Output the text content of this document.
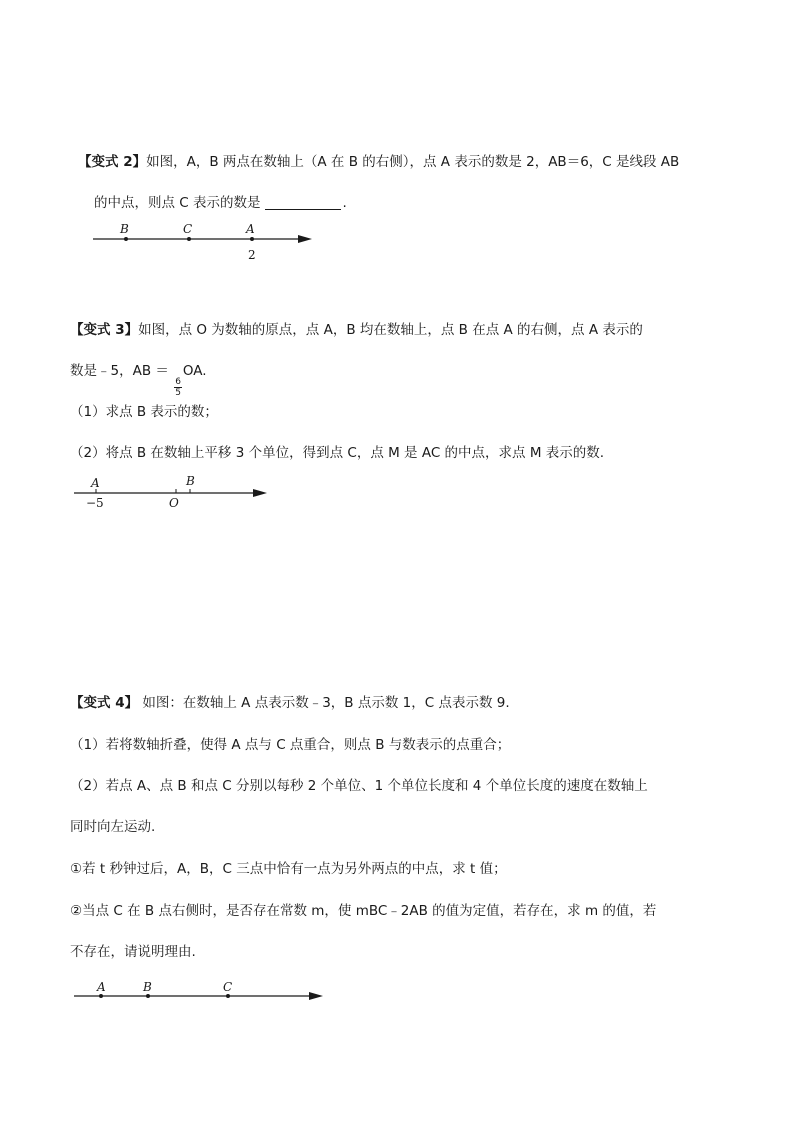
【变式 2】如图，A，B 两点在数轴上（A 在 B 的右侧），点 A 表示的数是 2，AB＝6，C 是线段 AB
的中点，则点 C 表示的数是	.
B	C	A
2
【变式 3】如图，点 O 为数轴的原点，点 A，B 均在数轴上，点 B 在点 A 的右侧，点 A 表示的
数是﹣5，AB ＝
$\frac{6}{5}$
OA.
（1）求点 B 表示的数；
（2）将点 B 在数轴上平移 3 个单位，得到点 C，点 M 是 AC 的中点，求点 M 表示的数.
A	B
−5	O
【变式 4】 如图：在数轴上 A 点表示数﹣3，B 点示数 1，C 点表示数 9.
（1）若将数轴折叠，使得 A 点与 C 点重合，则点 B 与数表示的点重合；
（2）若点 A、点 B 和点 C 分别以每秒 2 个单位、1 个单位长度和 4 个单位长度的速度在数轴上
同时向左运动.
①若 t 秒钟过后，A，B，C 三点中恰有一点为另外两点的中点，求 t 值；
②当点 C 在 B 点右侧时，是否存在常数 m，使 mBC﹣2AB 的值为定值，若存在，求 m 的值，若
不存在，请说明理由.
A	B	C
